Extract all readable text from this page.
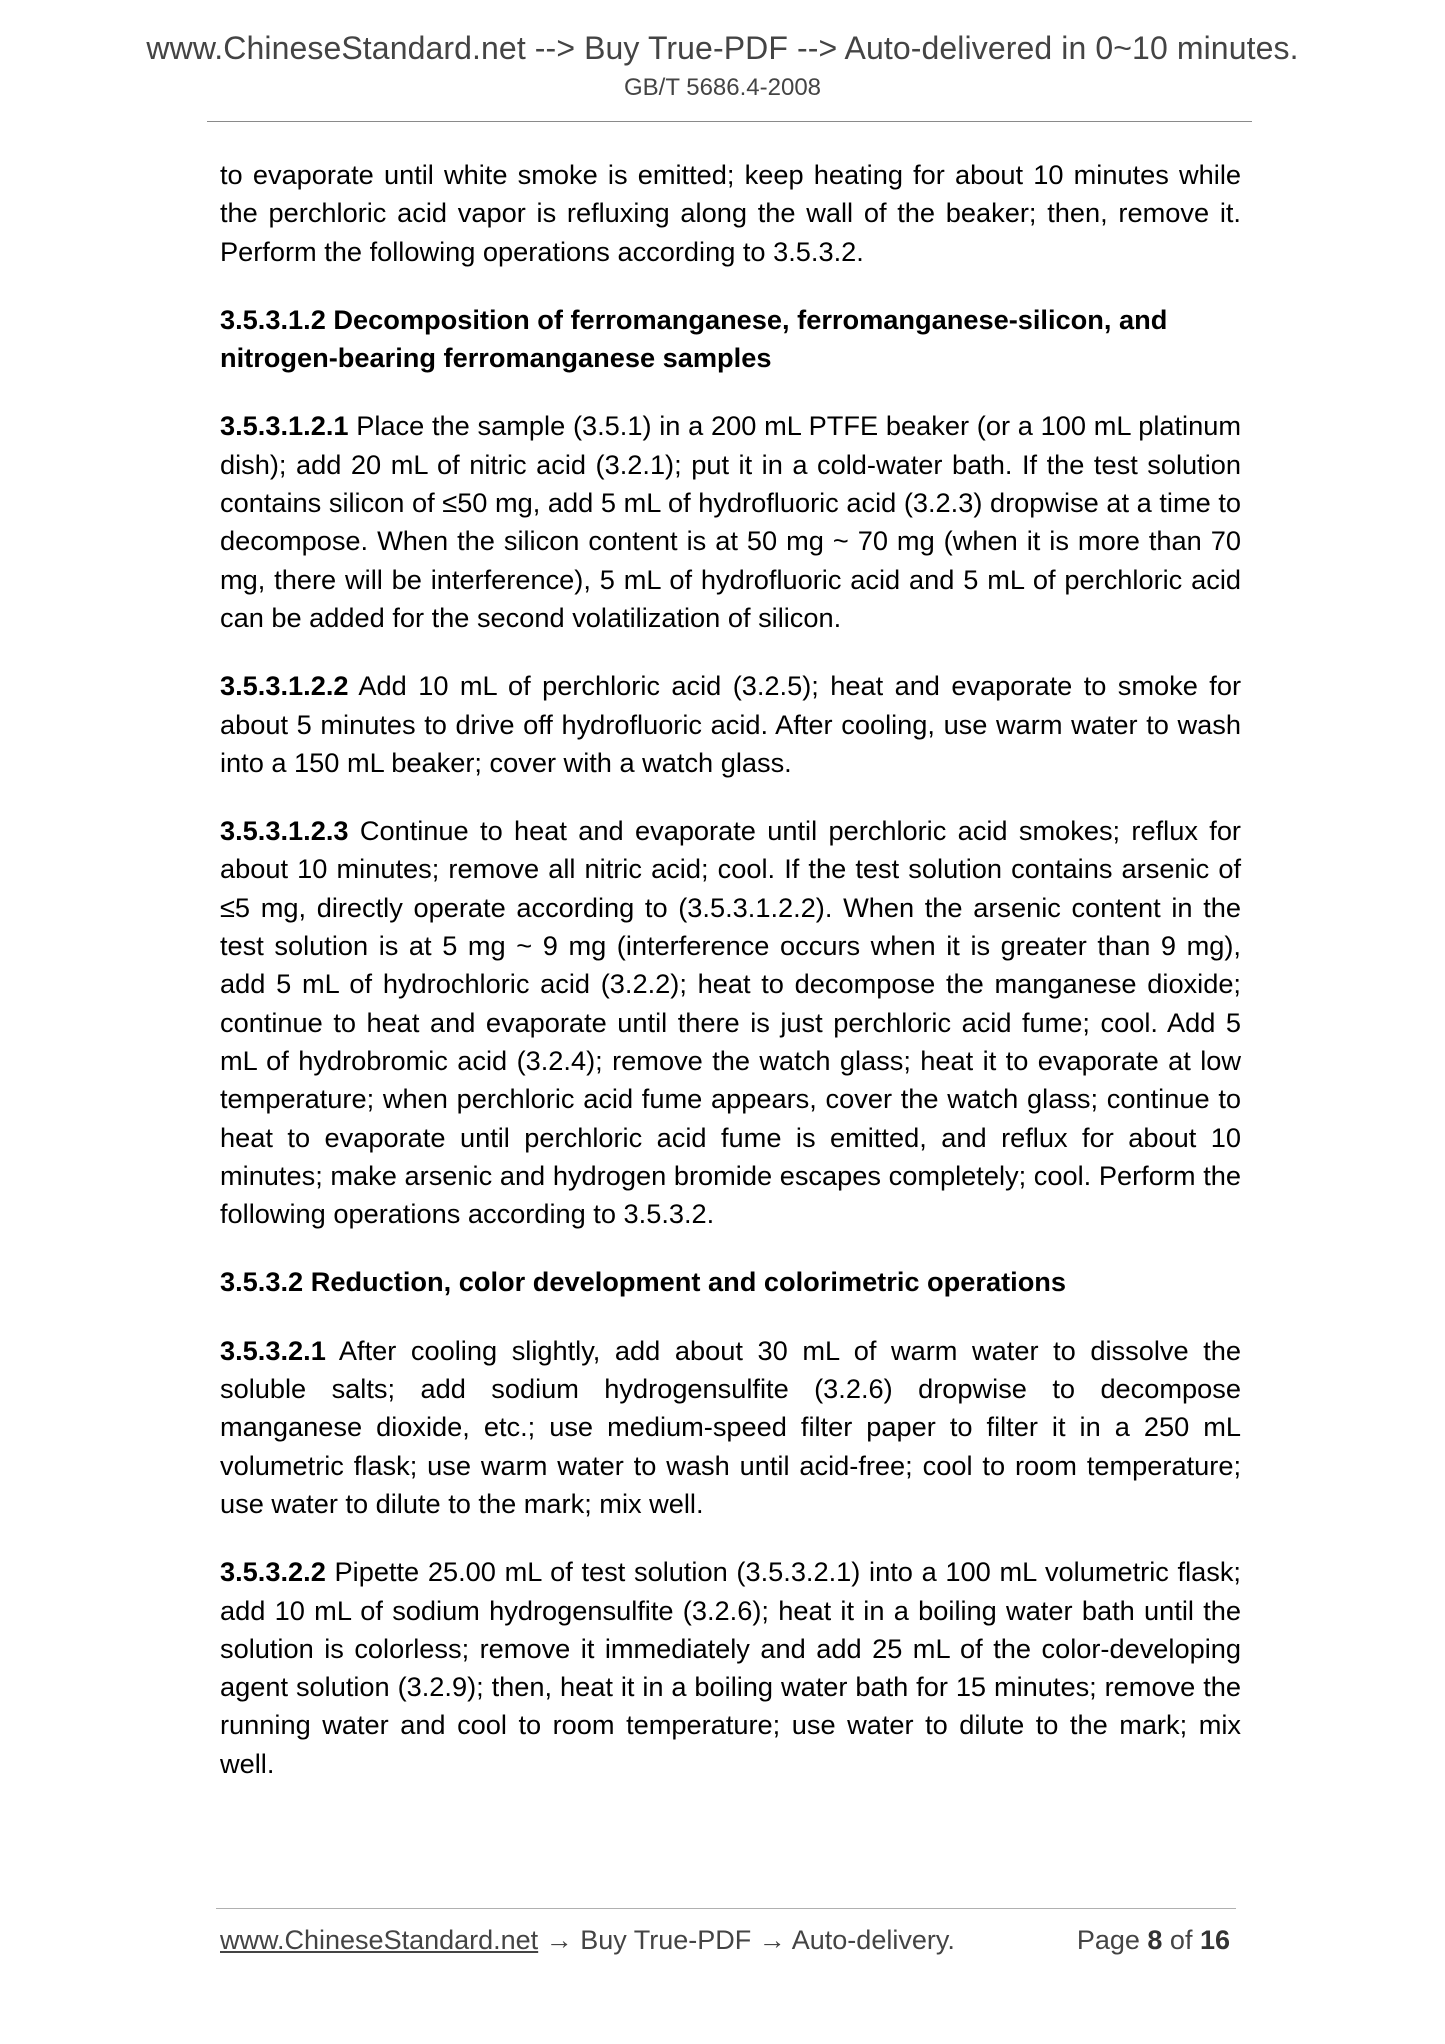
www.ChineseStandard.net --> Buy True-PDF --> Auto-delivered in 0~10 minutes.
GB/T 5686.4-2008

to evaporate until white smoke is emitted; keep heating for about 10 minutes while the perchloric acid vapor is refluxing along the wall of the beaker; then, remove it. Perform the following operations according to 3.5.3.2.

3.5.3.1.2 Decomposition of ferromanganese, ferromanganese-silicon, and nitrogen-bearing ferromanganese samples

3.5.3.1.2.1 Place the sample (3.5.1) in a 200 mL PTFE beaker (or a 100 mL platinum dish); add 20 mL of nitric acid (3.2.1); put it in a cold-water bath. If the test solution contains silicon of ≤50 mg, add 5 mL of hydrofluoric acid (3.2.3) dropwise at a time to decompose. When the silicon content is at 50 mg ~ 70 mg (when it is more than 70 mg, there will be interference), 5 mL of hydrofluoric acid and 5 mL of perchloric acid can be added for the second volatilization of silicon.

3.5.3.1.2.2 Add 10 mL of perchloric acid (3.2.5); heat and evaporate to smoke for about 5 minutes to drive off hydrofluoric acid. After cooling, use warm water to wash into a 150 mL beaker; cover with a watch glass.

3.5.3.1.2.3 Continue to heat and evaporate until perchloric acid smokes; reflux for about 10 minutes; remove all nitric acid; cool. If the test solution contains arsenic of ≤5 mg, directly operate according to (3.5.3.1.2.2). When the arsenic content in the test solution is at 5 mg ~ 9 mg (interference occurs when it is greater than 9 mg), add 5 mL of hydrochloric acid (3.2.2); heat to decompose the manganese dioxide; continue to heat and evaporate until there is just perchloric acid fume; cool. Add 5 mL of hydrobromic acid (3.2.4); remove the watch glass; heat it to evaporate at low temperature; when perchloric acid fume appears, cover the watch glass; continue to heat to evaporate until perchloric acid fume is emitted, and reflux for about 10 minutes; make arsenic and hydrogen bromide escapes completely; cool. Perform the following operations according to 3.5.3.2.

3.5.3.2 Reduction, color development and colorimetric operations

3.5.3.2.1 After cooling slightly, add about 30 mL of warm water to dissolve the soluble salts; add sodium hydrogensulfite (3.2.6) dropwise to decompose manganese dioxide, etc.; use medium-speed filter paper to filter it in a 250 mL volumetric flask; use warm water to wash until acid-free; cool to room temperature; use water to dilute to the mark; mix well.

3.5.3.2.2 Pipette 25.00 mL of test solution (3.5.3.2.1) into a 100 mL volumetric flask; add 10 mL of sodium hydrogensulfite (3.2.6); heat it in a boiling water bath until the solution is colorless; remove it immediately and add 25 mL of the color-developing agent solution (3.2.9); then, heat it in a boiling water bath for 15 minutes; remove the running water and cool to room temperature; use water to dilute to the mark; mix well.

www.ChineseStandard.net → Buy True-PDF → Auto-delivery.	Page 8 of 16
